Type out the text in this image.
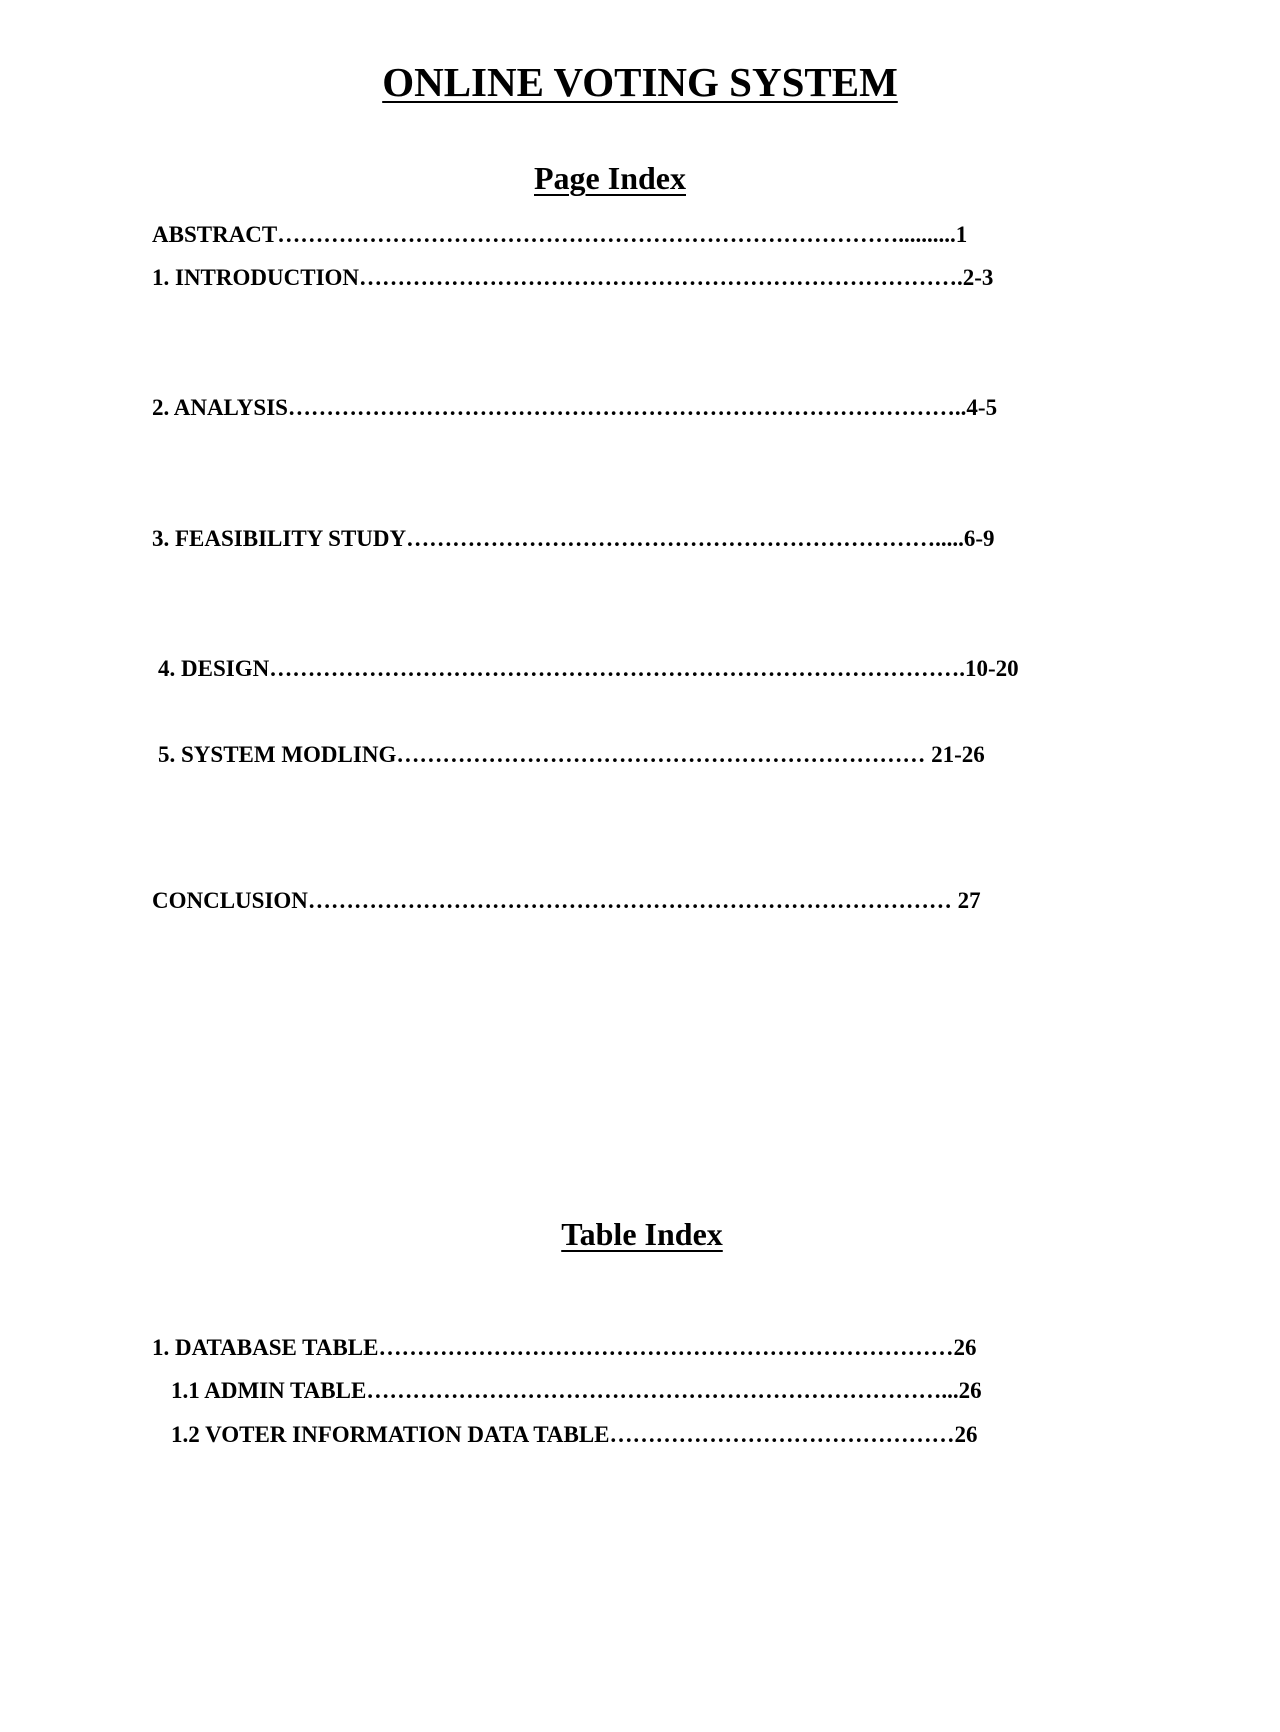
ONLINE VOTING SYSTEM
Page Index
ABSTRACT………………………………………………………………………..........1
1. INTRODUCTION…………………………………………………………………….2-3
2. ANALYSIS……………………………………………………………………………..4-5
3. FEASIBILITY STUDY…………………………………………………………….....6-9
4. DESIGN……………………………………………………………………………….10-20
5. SYSTEM MODLING…………………………………………………………… 21-26
CONCLUSION………………………………………………………………………… 27
Table Index
1. DATABASE TABLE…………………………………………………………………26
1.1 ADMIN TABLE…………………………………………………………………...26
1.2 VOTER INFORMATION DATA TABLE………………………………………26
